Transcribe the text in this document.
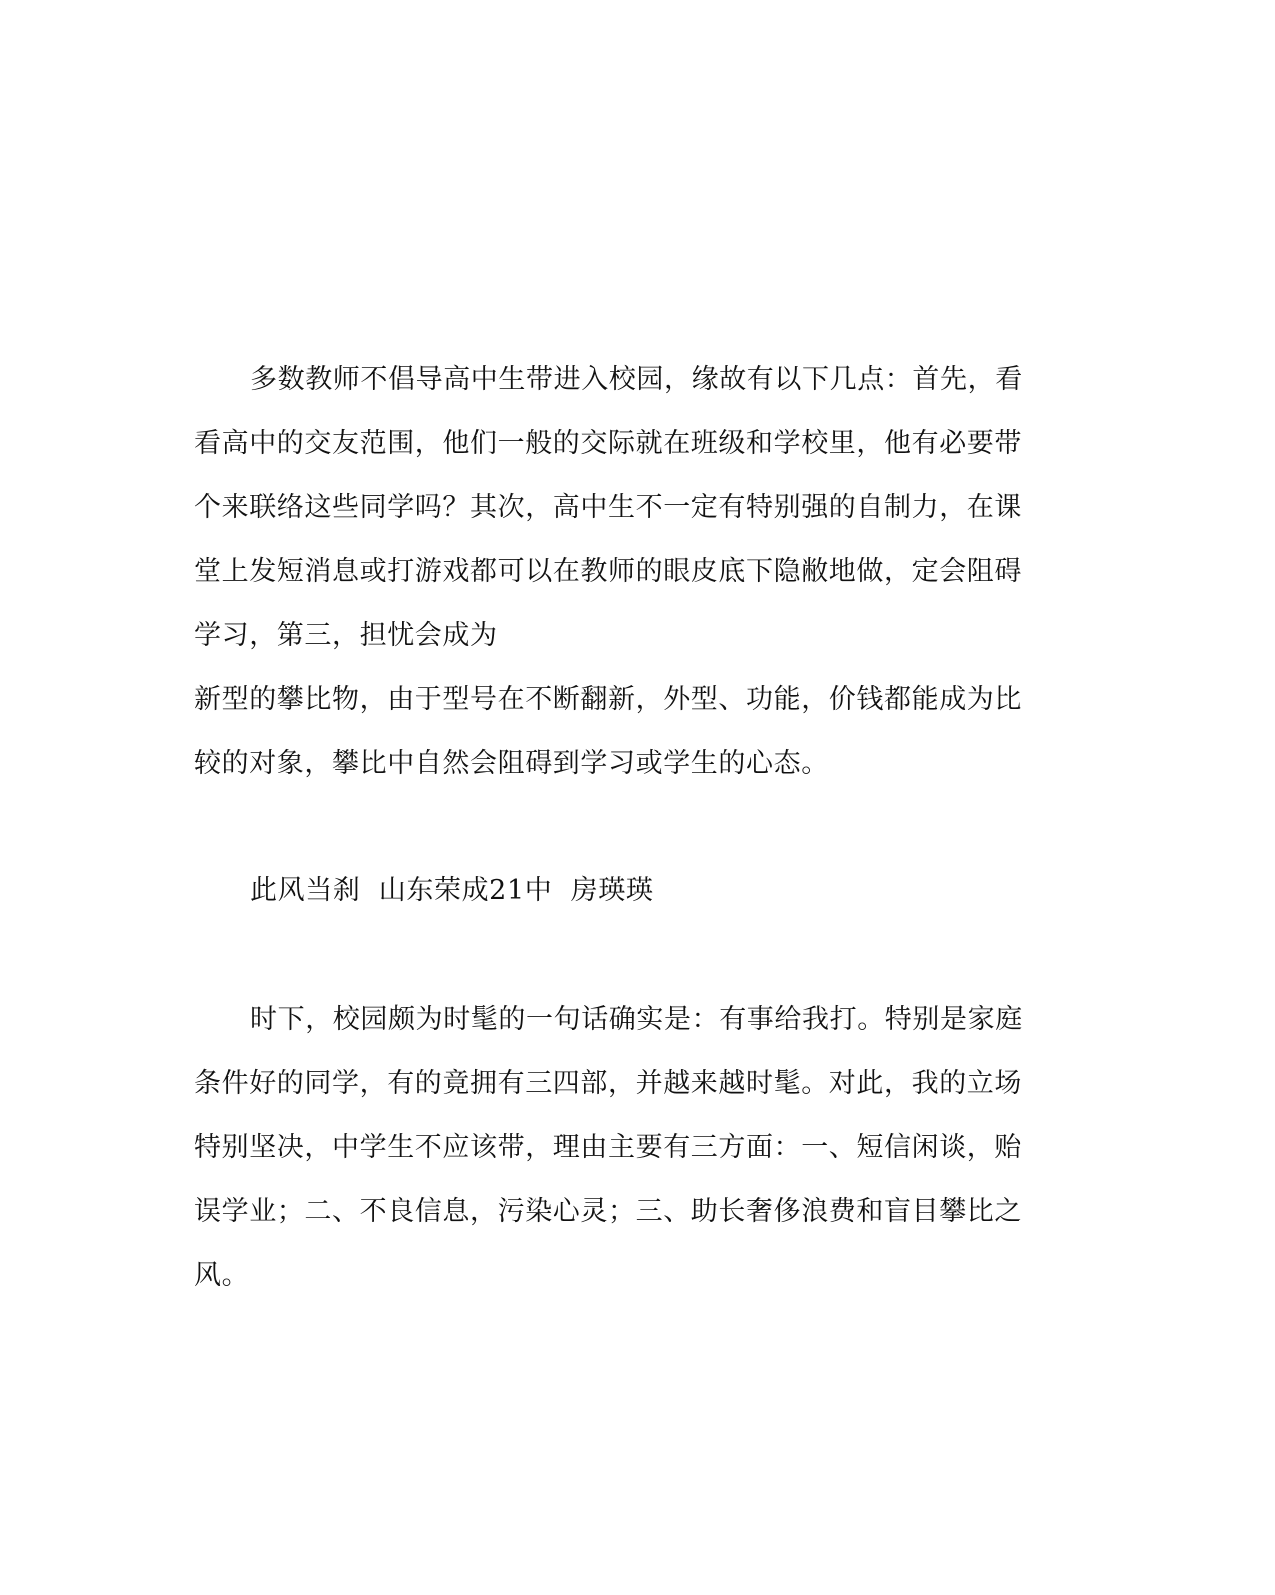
多数教师不倡导高中生带进入校园，缘故有以下几点：首先，看
看高中的交友范围，他们一般的交际就在班级和学校里，他有必要带
个来联络这些同学吗？其次，高中生不一定有特别强的自制力，在课
堂上发短消息或打游戏都可以在教师的眼皮底下隐敝地做，定会阻碍
学习，第三，担忧会成为
新型的攀比物，由于型号在不断翻新，外型、功能，价钱都能成为比
较的对象，攀比中自然会阻碍到学习或学生的心态。
此风当刹  山东荣成21中  房瑛瑛
时下，校园颇为时髦的一句话确实是：有事给我打。特别是家庭
条件好的同学，有的竟拥有三四部，并越来越时髦。对此，我的立场
特别坚决，中学生不应该带，理由主要有三方面：一、短信闲谈，贻
误学业；二、不良信息，污染心灵；三、助长奢侈浪费和盲目攀比之
风。
